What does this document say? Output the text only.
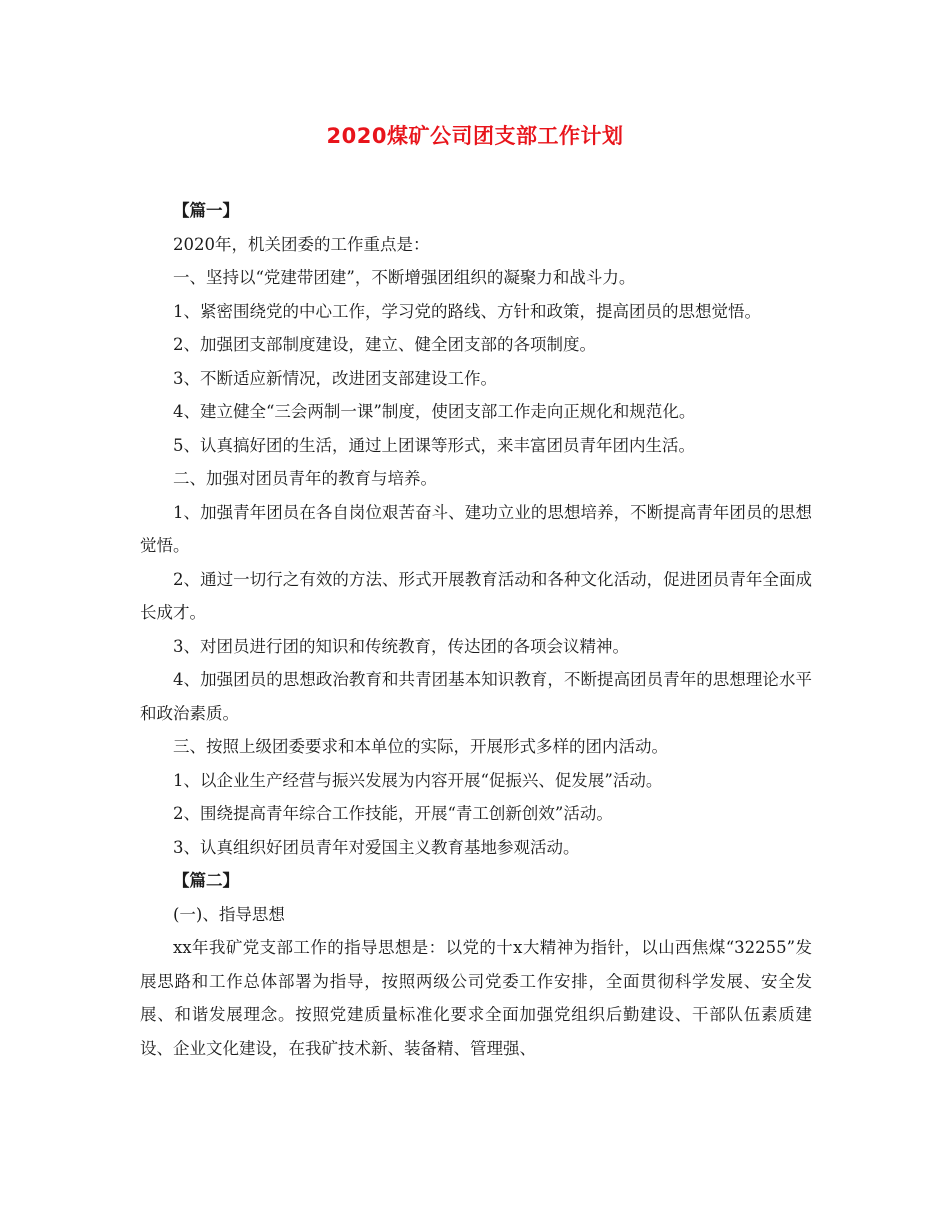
2020煤矿公司团支部工作计划

【篇一】

2020年，机关团委的工作重点是：

一、坚持以“党建带团建”，不断增强团组织的凝聚力和战斗力。

1、紧密围绕党的中心工作，学习党的路线、方针和政策，提高团员的思想觉悟。

2、加强团支部制度建设，建立、健全团支部的各项制度。

3、不断适应新情况，改进团支部建设工作。

4、建立健全“三会两制一课”制度，使团支部工作走向正规化和规范化。

5、认真搞好团的生活，通过上团课等形式，来丰富团员青年团内生活。

二、加强对团员青年的教育与培养。

1、加强青年团员在各自岗位艰苦奋斗、建功立业的思想培养，不断提高青年团员的思想觉悟。

2、通过一切行之有效的方法、形式开展教育活动和各种文化活动，促进团员青年全面成长成才。

3、对团员进行团的知识和传统教育，传达团的各项会议精神。

4、加强团员的思想政治教育和共青团基本知识教育，不断提高团员青年的思想理论水平和政治素质。

三、按照上级团委要求和本单位的实际，开展形式多样的团内活动。

1、以企业生产经营与振兴发展为内容开展“促振兴、促发展”活动。

2、围绕提高青年综合工作技能，开展“青工创新创效”活动。

3、认真组织好团员青年对爱国主义教育基地参观活动。

【篇二】

(一)、指导思想

xx年我矿党支部工作的指导思想是：以党的十x大精神为指针，以山西焦煤“32255”发展思路和工作总体部署为指导，按照两级公司党委工作安排，全面贯彻科学发展、安全发展、和谐发展理念。按照党建质量标准化要求全面加强党组织后勤建设、干部队伍素质建设、企业文化建设，在我矿技术新、装备精、管理强、
